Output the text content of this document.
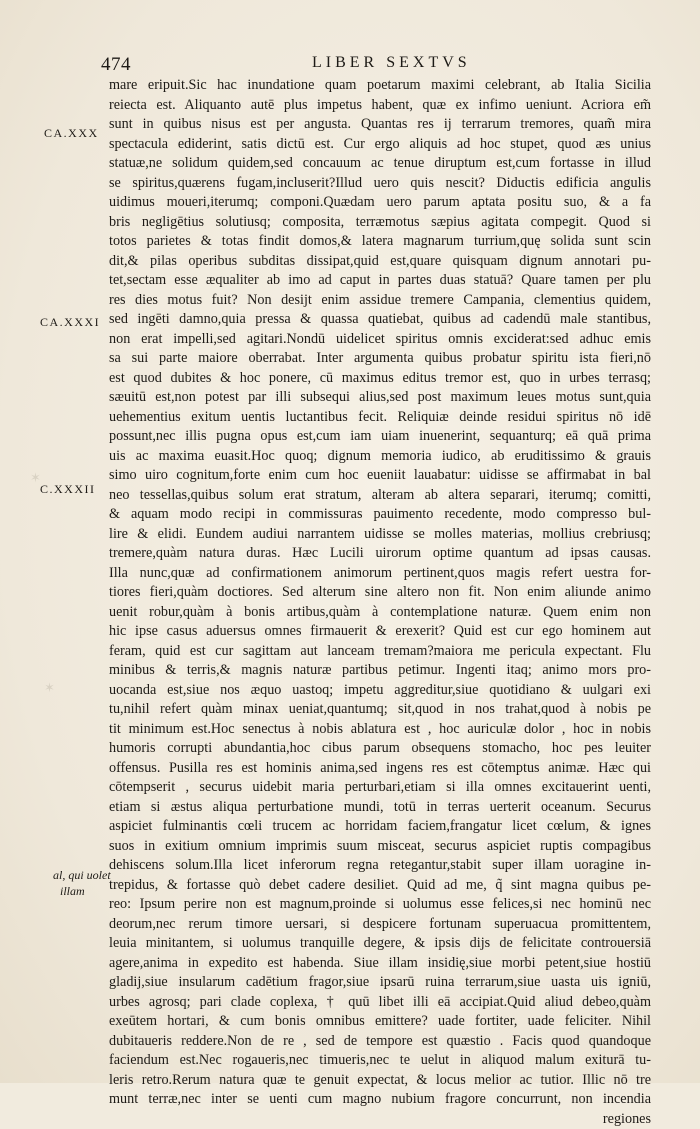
✶
✶
474	LIBER SEXTVS
CA.XXX
CA.XXXI
C.XXXII
al, qui uolet
illam
mare eripuit.Sic hac inundatione quam poetarum maximi celebrant, ab Italia Sicilia
reiecta est. Aliquanto autē plus impetus habent, quæ ex infimo ueniunt. Acriora em̃
sunt in quibus nisus est per angusta. Quantas res ij terrarum tremores, quam̃ mira
spectacula ediderint, satis dictū est. Cur ergo aliquis ad hoc stupet, quod æs unius
statuæ,ne solidum quidem,sed concauum ac tenue diruptum est,cum fortasse in illud
se spiritus,quærens fugam,incluserit?Illud uero quis nescit? Diductis edificia angulis
uidimus moueri,iterumq; componi.Quædam uero parum aptata positu suo, & a fa
bris negligētius solutiusq; composita, terræmotus sæpius agitata compegit. Quod si
totos parietes & totas findit domos,& latera magnarum turrium,quę solida sunt scin
dit,& pilas operibus subditas dissipat,quid est,quare quisquam dignum annotari pu-
tet,sectam esse æqualiter ab imo ad caput in partes duas statuā? Quare tamen per plu
res dies motus fuit? Non desijt enim assidue tremere Campania, clementius quidem,
sed ingēti damno,quia pressa & quassa quatiebat, quibus ad cadendū male stantibus,
non erat impelli,sed agitari.Nondū uidelicet spiritus omnis exciderat:sed adhuc emis
sa sui parte maiore oberrabat. Inter argumenta quibus probatur spiritu ista fieri,nō
est quod dubites & hoc ponere, cū maximus editus tremor est, quo in urbes terrasq;
sæuitū est,non potest par illi subsequi alius,sed post maximum leues motus sunt,quia
uehementius exitum uentis luctantibus fecit. Reliquiæ deinde residui spiritus nō idē
possunt,nec illis pugna opus est,cum iam uiam inuenerint, sequanturq; eā quā prima
uis ac maxima euasit.Hoc quoq; dignum memoria iudico, ab eruditissimo & grauis
simo uiro cognitum,forte enim cum hoc eueniit lauabatur: uidisse se affirmabat in bal
neo tessellas,quibus solum erat stratum, alteram ab altera separari, iterumq; comitti,
& aquam modo recipi in commissuras pauimento recedente, modo compresso bul-
lire & elidi. Eundem audiui narrantem uidisse se molles materias, mollius crebriusq;
tremere,quàm natura duras. Hæc Lucili uirorum optime quantum ad ipsas causas.
Illa nunc,quæ ad confirmationem animorum pertinent,quos magis refert uestra for-
tiores fieri,quàm doctiores. Sed alterum sine altero non fit. Non enim aliunde animo
uenit robur,quàm à bonis artibus,quàm à contemplatione naturæ. Quem enim non
hic ipse casus aduersus omnes firmauerit & erexerit? Quid est cur ego hominem aut
feram, quid est cur sagittam aut lanceam tremam?maiora me pericula expectant. Flu
minibus & terris,& magnis naturæ partibus petimur. Ingenti itaq; animo mors pro-
uocanda est,siue nos æquo uastoq; impetu aggreditur,siue quotidiano & uulgari exi
tu,nihil refert quàm minax ueniat,quantumq; sit,quod in nos trahat,quod à nobis pe
tit minimum est.Hoc senectus à nobis ablatura est , hoc auriculæ dolor , hoc in nobis
humoris corrupti abundantia,hoc cibus parum obsequens stomacho, hoc pes leuiter
offensus. Pusilla res est hominis anima,sed ingens res est cōtemptus animæ. Hæc qui
cōtempserit , securus uidebit maria perturbari,etiam si illa omnes excitauerint uenti,
etiam si æstus aliqua perturbatione mundi, totū in terras uerterit oceanum. Securus
aspiciet fulminantis cœli trucem ac horridam faciem,frangatur licet cœlum, & ignes
suos in exitium omnium imprimis suum misceat, securus aspiciet ruptis compagibus
dehiscens solum.Illa licet inferorum regna retegantur,stabit super illam uoragine in-
trepidus, & fortasse quò debet cadere desiliet. Quid ad me, q̃ sint magna quibus pe-
reo: Ipsum perire non est magnum,proinde si uolumus esse felices,si nec hominū nec
deorum,nec rerum timore uersari, si despicere fortunam superuacua promittentem,
leuia minitantem, si uolumus tranquille degere, & ipsis dijs de felicitate controuersiā
agere,anima in expedito est habenda. Siue illam insidię,siue morbi petent,siue hostiū
gladij,siue insularum cadētium fragor,siue ipsarū ruina terrarum,siue uasta uis igniū,
urbes agrosq; pari clade coplexa, † quū libet illi eā accipiat.Quid aliud debeo,quàm
exeūtem hortari, & cum bonis omnibus emittere? uade fortiter, uade feliciter. Nihil
dubitaueris reddere.Non de re , sed de tempore est quæstio . Facis quod quandoque
faciendum est.Nec rogaueris,nec timueris,nec te uelut in aliquod malum exiturā tu-
leris retro.Rerum natura quæ te genuit expectat, & locus melior ac tutior. Illic nō tre
munt terræ,nec inter se uenti cum magno nubium fragore concurrunt, non incendia
regiones
